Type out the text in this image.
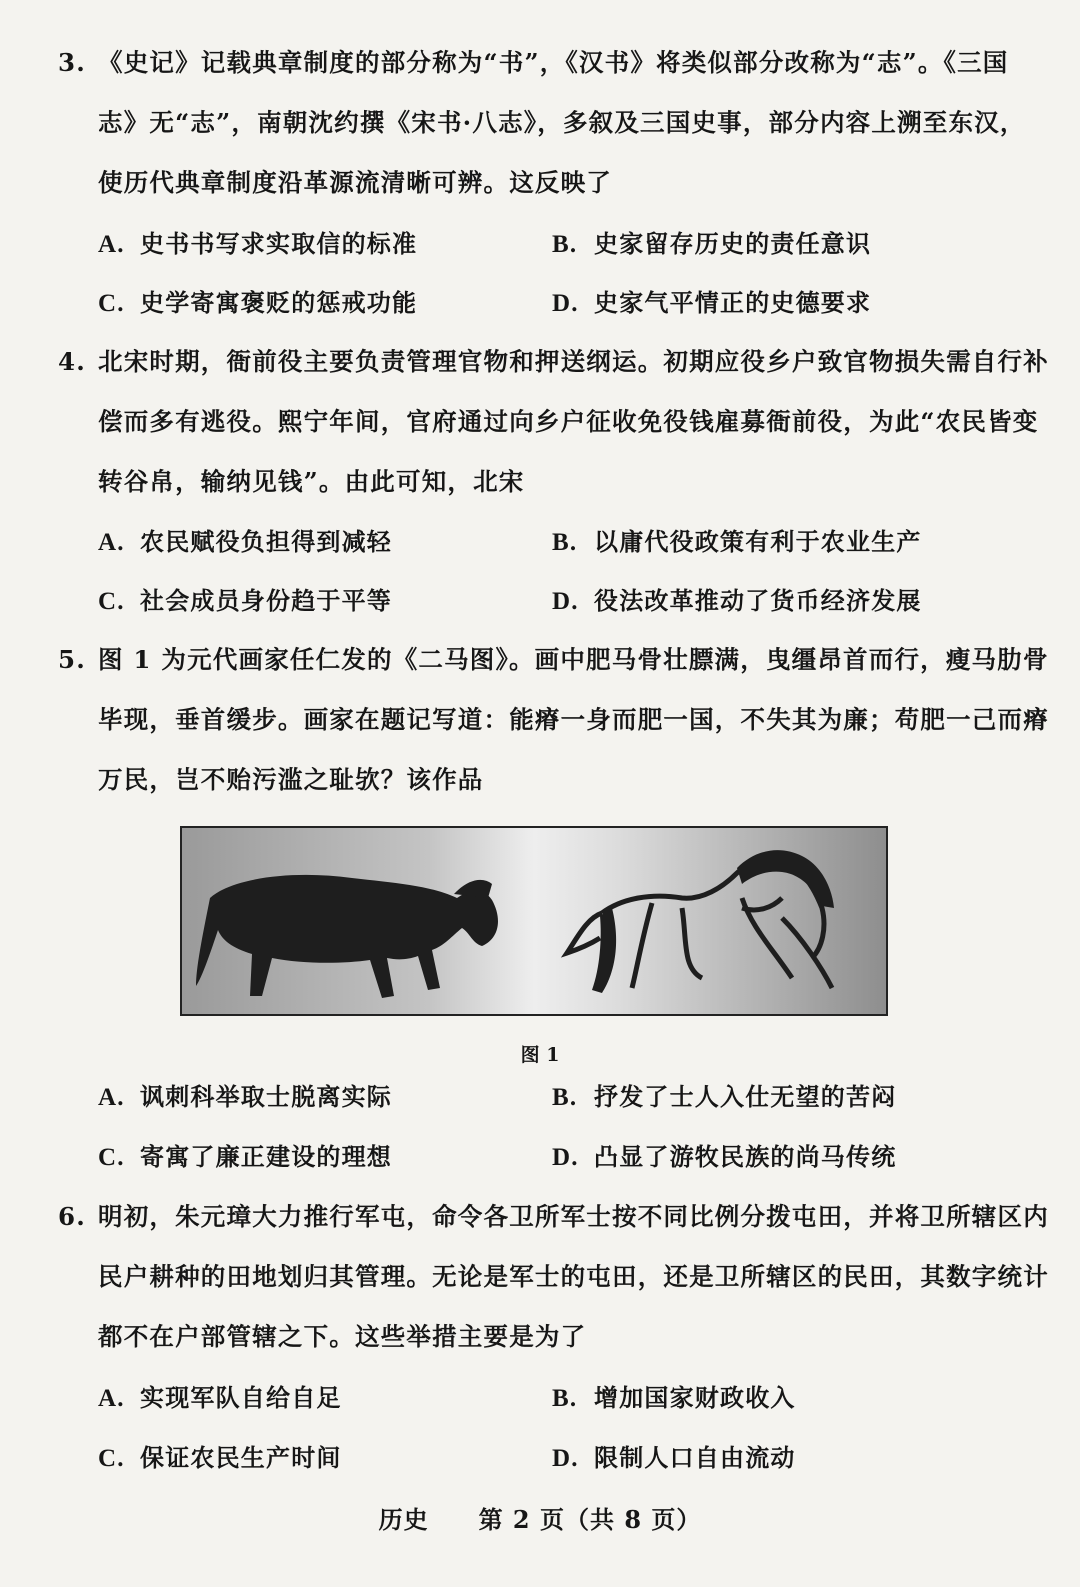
3. 《史记》记载典章制度的部分称为“书”，《汉书》将类似部分改称为“志”。《三国
志》无“志”，南朝沈约撰《宋书·八志》，多叙及三国史事，部分内容上溯至东汉，
使历代典章制度沿革源流清晰可辨。这反映了
A. 史书书写求实取信的标准	B. 史家留存历史的责任意识
C. 史学寄寓褒贬的惩戒功能	D. 史家气平情正的史德要求
4. 北宋时期，衙前役主要负责管理官物和押送纲运。初期应役乡户致官物损失需自行补
偿而多有逃役。熙宁年间，官府通过向乡户征收免役钱雇募衙前役，为此“农民皆变
转谷帛，输纳见钱”。由此可知，北宋
A. 农民赋役负担得到减轻	B. 以庸代役政策有利于农业生产
C. 社会成员身份趋于平等	D. 役法改革推动了货币经济发展
5. 图 1 为元代画家任仁发的《二马图》。画中肥马骨壮膘满，曳缰昂首而行，瘦马肋骨
毕现，垂首缓步。画家在题记写道：能瘠一身而肥一国，不失其为廉；苟肥一己而瘠
万民，岂不贻污滥之耻欤？该作品
图 1
A. 讽刺科举取士脱离实际	B. 抒发了士人入仕无望的苦闷
C. 寄寓了廉正建设的理想	D. 凸显了游牧民族的尚马传统
6. 明初，朱元璋大力推行军屯，命令各卫所军士按不同比例分拨屯田，并将卫所辖区内
民户耕种的田地划归其管理。无论是军士的屯田，还是卫所辖区的民田，其数字统计
都不在户部管辖之下。这些举措主要是为了
A. 实现军队自给自足	B. 增加国家财政收入
C. 保证农民生产时间	D. 限制人口自由流动
历史 第 2 页（共 8 页）
